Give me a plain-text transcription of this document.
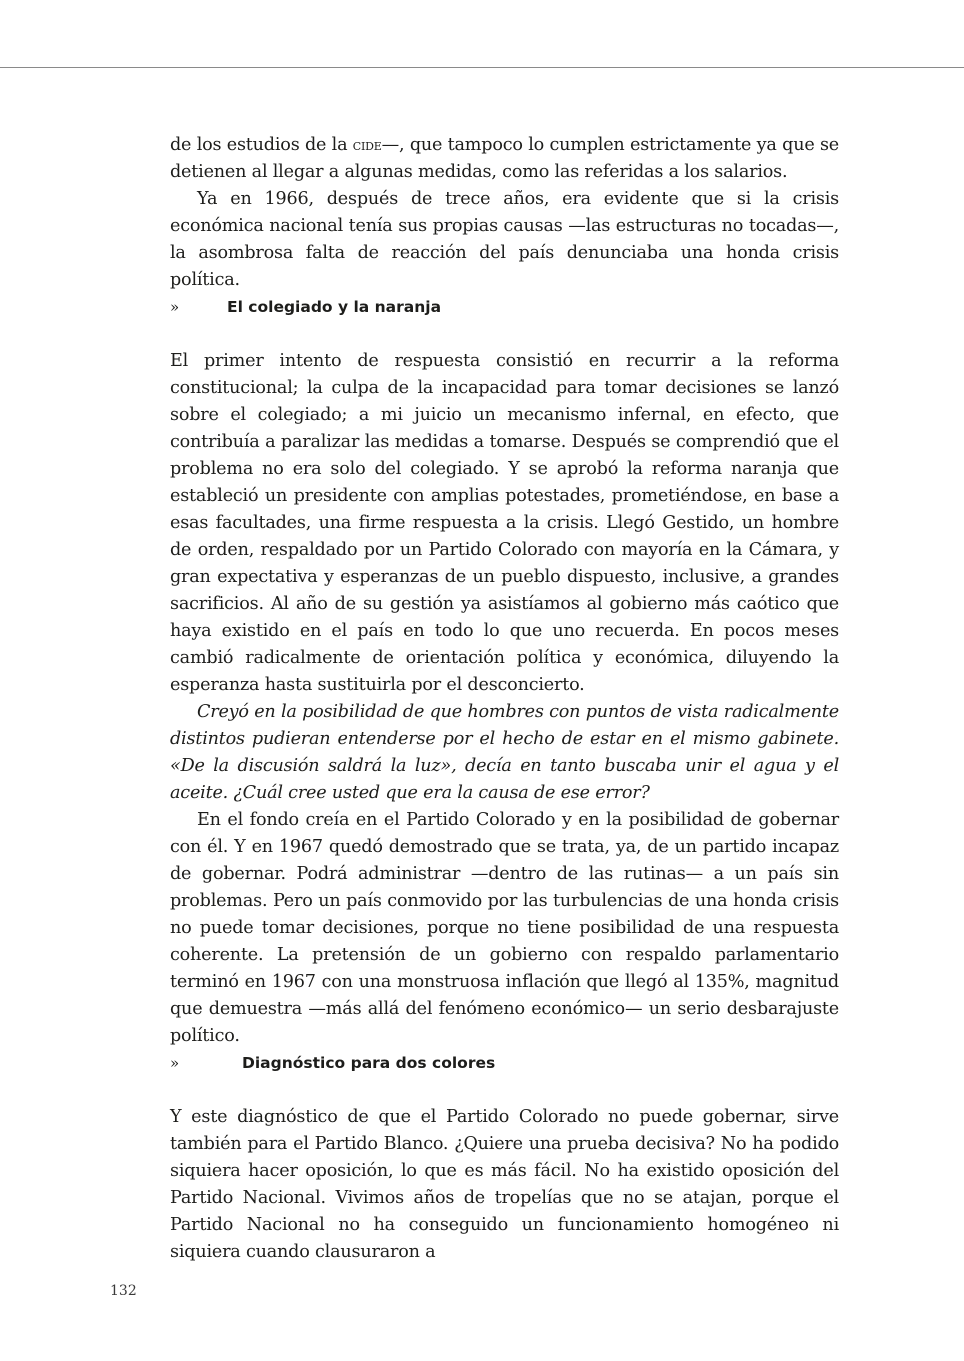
de los estudios de la cide—, que tampoco lo cumplen estrictamente ya que se detienen al llegar a algunas medidas, como las referidas a los salarios.

Ya en 1966, después de trece años, era evidente que si la crisis económica nacional tenía sus propias causas —las estructuras no tocadas—, la asombrosa falta de reacción del país denunciaba una honda crisis política.

»	El colegiado y la naranja

El primer intento de respuesta consistió en recurrir a la reforma constitucional; la culpa de la incapacidad para tomar decisiones se lanzó sobre el colegiado; a mi juicio un mecanismo infernal, en efecto, que contribuía a paralizar las medidas a tomarse. Después se comprendió que el problema no era solo del colegiado. Y se aprobó la reforma naranja que estableció un presidente con amplias potestades, prometiéndose, en base a esas facultades, una firme respuesta a la crisis. Llegó Gestido, un hombre de orden, respaldado por un Partido Colorado con mayoría en la Cámara, y gran expectativa y esperanzas de un pueblo dispuesto, inclusive, a grandes sacrificios. Al año de su gestión ya asistíamos al gobierno más caótico que haya existido en el país en todo lo que uno recuerda. En pocos meses cambió radicalmente de orientación política y económica, diluyendo la esperanza hasta sustituirla por el desconcierto.

Creyó en la posibilidad de que hombres con puntos de vista radicalmente distintos pudieran entenderse por el hecho de estar en el mismo gabinete. «De la discusión saldrá la luz», decía en tanto buscaba unir el agua y el aceite. ¿Cuál cree usted que era la causa de ese error?

En el fondo creía en el Partido Colorado y en la posibilidad de gobernar con él. Y en 1967 quedó demostrado que se trata, ya, de un partido incapaz de gobernar. Podrá administrar —dentro de las rutinas— a un país sin problemas. Pero un país conmovido por las turbulencias de una honda crisis no puede tomar decisiones, porque no tiene posibilidad de una respuesta coherente. La pretensión de un gobierno con respaldo parlamentario terminó en 1967 con una monstruosa inflación que llegó al 135%, magnitud que demuestra —más allá del fenómeno económico— un serio desbarajuste político.

»	Diagnóstico para dos colores

Y este diagnóstico de que el Partido Colorado no puede gobernar, sirve también para el Partido Blanco. ¿Quiere una prueba decisiva? No ha podido siquiera hacer oposición, lo que es más fácil. No ha existido oposición del Partido Nacional. Vivimos años de tropelías que no se atajan, porque el Partido Nacional no ha conseguido un funcionamiento homogéneo ni siquiera cuando clausuraron a

132
